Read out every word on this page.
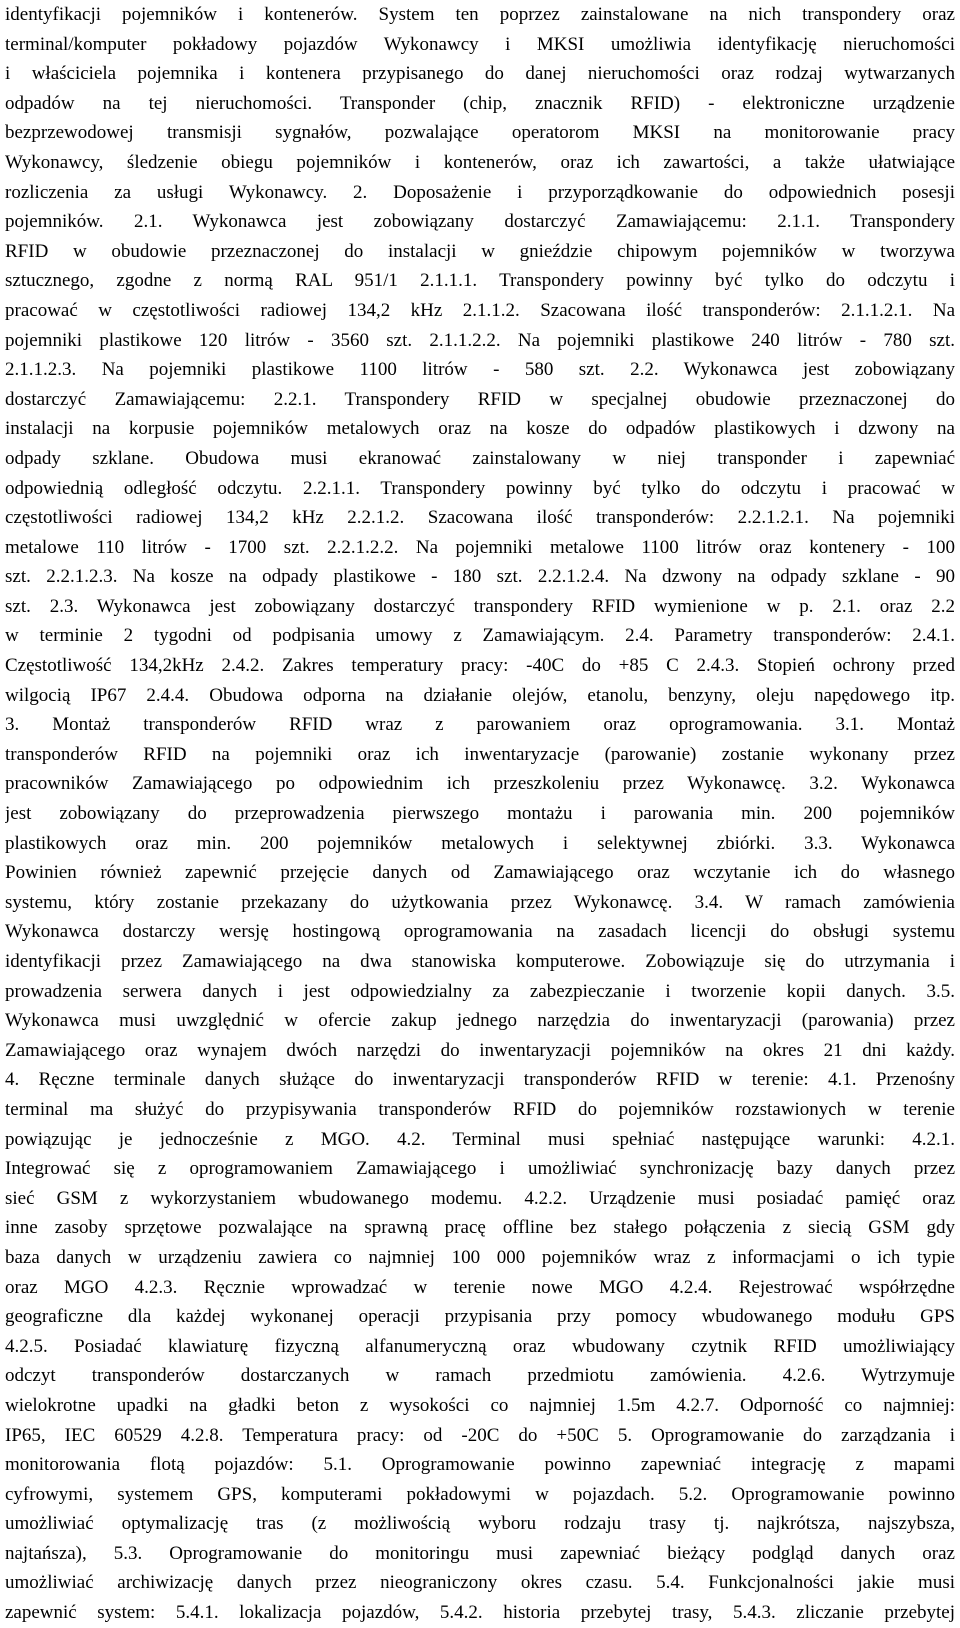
identyfikacji pojemników i kontenerów. System ten poprzez zainstalowane na nich transpondery oraz
terminal/komputer pokładowy pojazdów Wykonawcy i MKSI umożliwia identyfikację nieruchomości
i właściciela pojemnika i kontenera przypisanego do danej nieruchomości oraz rodzaj wytwarzanych
odpadów na tej nieruchomości. Transponder (chip, znacznik RFID) - elektroniczne urządzenie
bezprzewodowej transmisji sygnałów, pozwalające operatorom MKSI na monitorowanie pracy
Wykonawcy, śledzenie obiegu pojemników i kontenerów, oraz ich zawartości, a także ułatwiające
rozliczenia za usługi Wykonawcy. 2. Doposażenie i przyporządkowanie do odpowiednich posesji
pojemników. 2.1. Wykonawca jest zobowiązany dostarczyć Zamawiającemu: 2.1.1. Transpondery
RFID w obudowie przeznaczonej do instalacji w gnieździe chipowym pojemników w tworzywa
sztucznego, zgodne z normą RAL 951/1 2.1.1.1. Transpondery powinny być tylko do odczytu i
pracować w częstotliwości radiowej 134,2 kHz 2.1.1.2. Szacowana ilość transponderów: 2.1.1.2.1. Na
pojemniki plastikowe 120 litrów - 3560 szt. 2.1.1.2.2. Na pojemniki plastikowe 240 litrów - 780 szt.
2.1.1.2.3. Na pojemniki plastikowe 1100 litrów - 580 szt. 2.2. Wykonawca jest zobowiązany
dostarczyć Zamawiającemu: 2.2.1. Transpondery RFID w specjalnej obudowie przeznaczonej do
instalacji na korpusie pojemników metalowych oraz na kosze do odpadów plastikowych i dzwony na
odpady szklane. Obudowa musi ekranować zainstalowany w niej transponder i zapewniać
odpowiednią odległość odczytu. 2.2.1.1. Transpondery powinny być tylko do odczytu i pracować w
częstotliwości radiowej 134,2 kHz 2.2.1.2. Szacowana ilość transponderów: 2.2.1.2.1. Na pojemniki
metalowe 110 litrów - 1700 szt. 2.2.1.2.2. Na pojemniki metalowe 1100 litrów oraz kontenery - 100
szt. 2.2.1.2.3. Na kosze na odpady plastikowe - 180 szt. 2.2.1.2.4. Na dzwony na odpady szklane - 90
szt. 2.3. Wykonawca jest zobowiązany dostarczyć transpondery RFID wymienione w p. 2.1. oraz 2.2
w terminie 2 tygodni od podpisania umowy z Zamawiającym. 2.4. Parametry transponderów: 2.4.1.
Częstotliwość 134,2kHz 2.4.2. Zakres temperatury pracy: -40C do +85 C 2.4.3. Stopień ochrony przed
wilgocią IP67 2.4.4. Obudowa odporna na działanie olejów, etanolu, benzyny, oleju napędowego itp.
3. Montaż transponderów RFID wraz z parowaniem oraz oprogramowania. 3.1. Montaż
transponderów RFID na pojemniki oraz ich inwentaryzacje (parowanie) zostanie wykonany przez
pracowników Zamawiającego po odpowiednim ich przeszkoleniu przez Wykonawcę. 3.2. Wykonawca
jest zobowiązany do przeprowadzenia pierwszego montażu i parowania min. 200 pojemników
plastikowych oraz min. 200 pojemników metalowych i selektywnej zbiórki. 3.3. Wykonawca
Powinien również zapewnić przejęcie danych od Zamawiającego oraz wczytanie ich do własnego
systemu, który zostanie przekazany do użytkowania przez Wykonawcę. 3.4. W ramach zamówienia
Wykonawca dostarczy wersję hostingową oprogramowania na zasadach licencji do obsługi systemu
identyfikacji przez Zamawiającego na dwa stanowiska komputerowe. Zobowiązuje się do utrzymania i
prowadzenia serwera danych i jest odpowiedzialny za zabezpieczanie i tworzenie kopii danych. 3.5.
Wykonawca musi uwzględnić w ofercie zakup jednego narzędzia do inwentaryzacji (parowania) przez
Zamawiającego oraz wynajem dwóch narzędzi do inwentaryzacji pojemników na okres 21 dni każdy.
4. Ręczne terminale danych służące do inwentaryzacji transponderów RFID w terenie: 4.1. Przenośny
terminal ma służyć do przypisywania transponderów RFID do pojemników rozstawionych w terenie
powiązując je jednocześnie z MGO. 4.2. Terminal musi spełniać następujące warunki: 4.2.1.
Integrować się z oprogramowaniem Zamawiającego i umożliwiać synchronizację bazy danych przez
sieć GSM z wykorzystaniem wbudowanego modemu. 4.2.2. Urządzenie musi posiadać pamięć oraz
inne zasoby sprzętowe pozwalające na sprawną pracę offline bez stałego połączenia z siecią GSM gdy
baza danych w urządzeniu zawiera co najmniej 100 000 pojemników wraz z informacjami o ich typie
oraz MGO 4.2.3. Ręcznie wprowadzać w terenie nowe MGO 4.2.4. Rejestrować współrzędne
geograficzne dla każdej wykonanej operacji przypisania przy pomocy wbudowanego modułu GPS
4.2.5. Posiadać klawiaturę fizyczną alfanumeryczną oraz wbudowany czytnik RFID umożliwiający
odczyt transponderów dostarczanych w ramach przedmiotu zamówienia. 4.2.6. Wytrzymuje
wielokrotne upadki na gładki beton z wysokości co najmniej 1.5m 4.2.7. Odporność co najmniej:
IP65, IEC 60529 4.2.8. Temperatura pracy: od -20C do +50C 5. Oprogramowanie do zarządzania i
monitorowania flotą pojazdów: 5.1. Oprogramowanie powinno zapewniać integrację z mapami
cyfrowymi, systemem GPS, komputerami pokładowymi w pojazdach. 5.2. Oprogramowanie powinno
umożliwiać optymalizację tras (z możliwością wyboru rodzaju trasy tj. najkrótsza, najszybsza,
najtańsza), 5.3. Oprogramowanie do monitoringu musi zapewniać bieżący podgląd danych oraz
umożliwiać archiwizację danych przez nieograniczony okres czasu. 5.4. Funkcjonalności jakie musi
zapewnić system: 5.4.1. lokalizacja pojazdów, 5.4.2. historia przebytej trasy, 5.4.3. zliczanie przebytej
